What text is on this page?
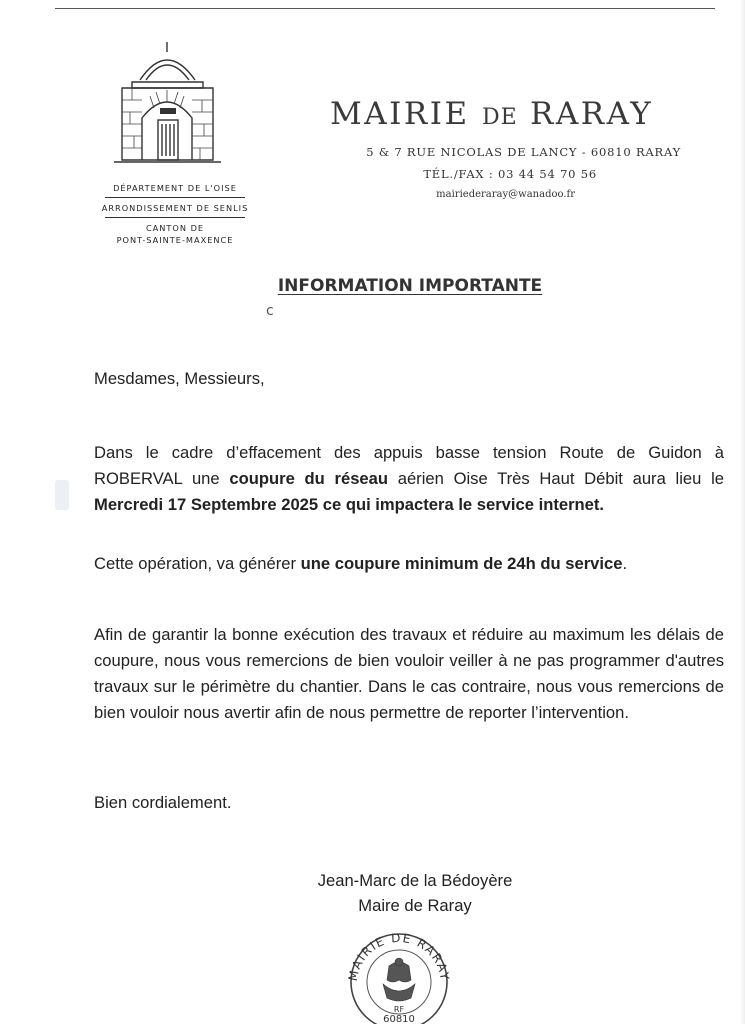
DÉPARTEMENT DE L'OISE
ARRONDISSEMENT DE SENLIS
CANTON DE
PONT-SAINTE-MAXENCE
MAIRIE DE RARAY
5 & 7 RUE NICOLAS DE LANCY - 60810 RARAY
TÉL./FAX : 03 44 54 70 56
mairiederaray@wanadoo.fr
INFORMATION IMPORTANTE
c

Mesdames, Messieurs,

Dans le cadre d’effacement des appuis basse tension Route de Guidon à ROBERVAL une coupure du réseau aérien Oise Très Haut Débit aura lieu le Mercredi 17 Septembre 2025 ce qui impactera le service internet.

Cette opération, va générer une coupure minimum de 24h du service.

Afin de garantir la bonne exécution des travaux et réduire au maximum les délais de coupure, nous vous remercions de bien vouloir veiller à ne pas programmer d'autres travaux sur le périmètre du chantier. Dans le cas contraire, nous vous remercions de bien vouloir nous avertir afin de nous permettre de reporter l’intervention.

Bien cordialement.

Jean-Marc de la Bédoyère
Maire de Raray
MAIRIE DE RARAY
RF
60810
